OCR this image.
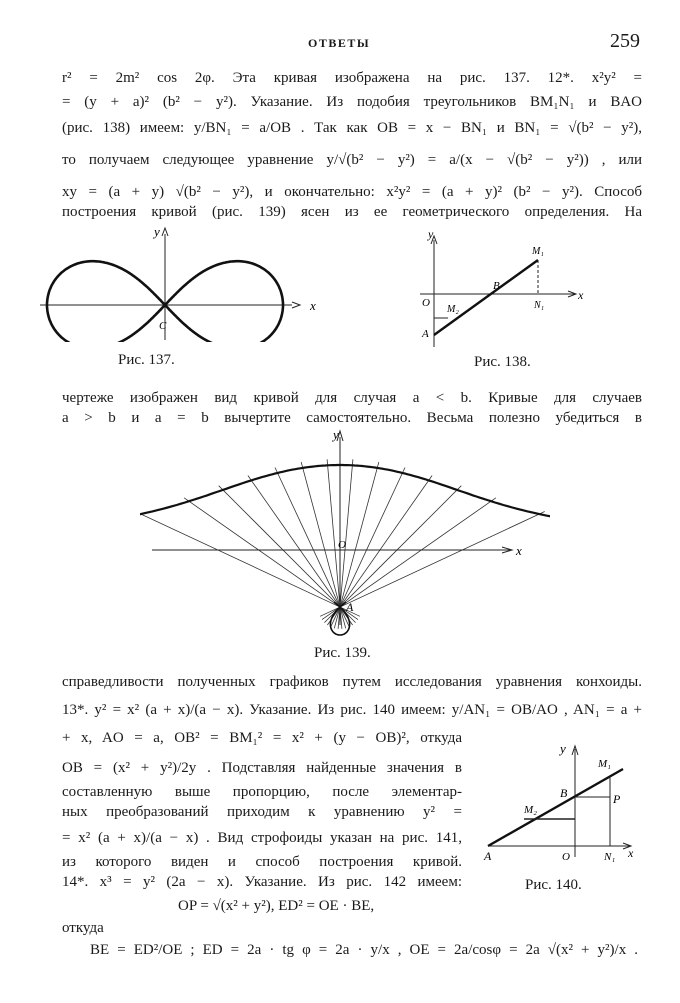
ОТВЕТЫ	259
r² = 2m² cos 2φ. Эта кривая изображена на рис. 137. 12*. x²y² =
= (y + a)² (b² − y²). Указание. Из подобия треугольников BM₁N₁ и BAO
(рис. 138) имеем: y/BN₁ = a/OB . Так как OB = x − BN₁ и BN₁ = √(b² − y²),
то получаем следующее уравнение y/√(b² − y²) = a/(x − √(b² − y²)) , или
xy = (a + y) √(b² − y²), и окончательно: x²y² = (a + y)² (b² − y²). Способ
построения кривой (рис. 139) ясен из ее геометрического определения. На
y
x
C
Рис. 137.
y
x
O
M₂
B
M₁
N₁
A
Рис. 138.
чертеже изображен вид кривой для случая a < b. Кривые для случаев
a > b и a = b вычертите самостоятельно. Весьма полезно убедиться в
y
x
O
A
Рис. 139.
справедливости полученных графиков путем исследования уравнения конхоиды.
13*. y² = x² (a + x)/(a − x). Указание. Из рис. 140 имеем: y/AN₁ = OB/AO , AN₁ = a +
+ x, AO = a, OB² = BM₁² = x² + (y − OB)², откуда
OB = (x² + y²)/2y . Подставляя найденные значения в
составленную выше пропорцию, после элементар-
ных преобразований приходим к уравнению y² =
= x² (a + x)/(a − x) . Вид строфоиды указан на рис. 141,
из которого виден и способ построения кривой.
14*. x³ = y² (2a − x). Указание. Из рис. 142 имеем:
y
x
M₁
B	P
M₂
A	O	N₁
Рис. 140.
OP = √(x² + y²), ED² = OE · BE,
откуда
BE = ED²/OE ; ED = 2a · tg φ = 2a · y/x , OE = 2a/cosφ = 2a √(x² + y²)/x .
